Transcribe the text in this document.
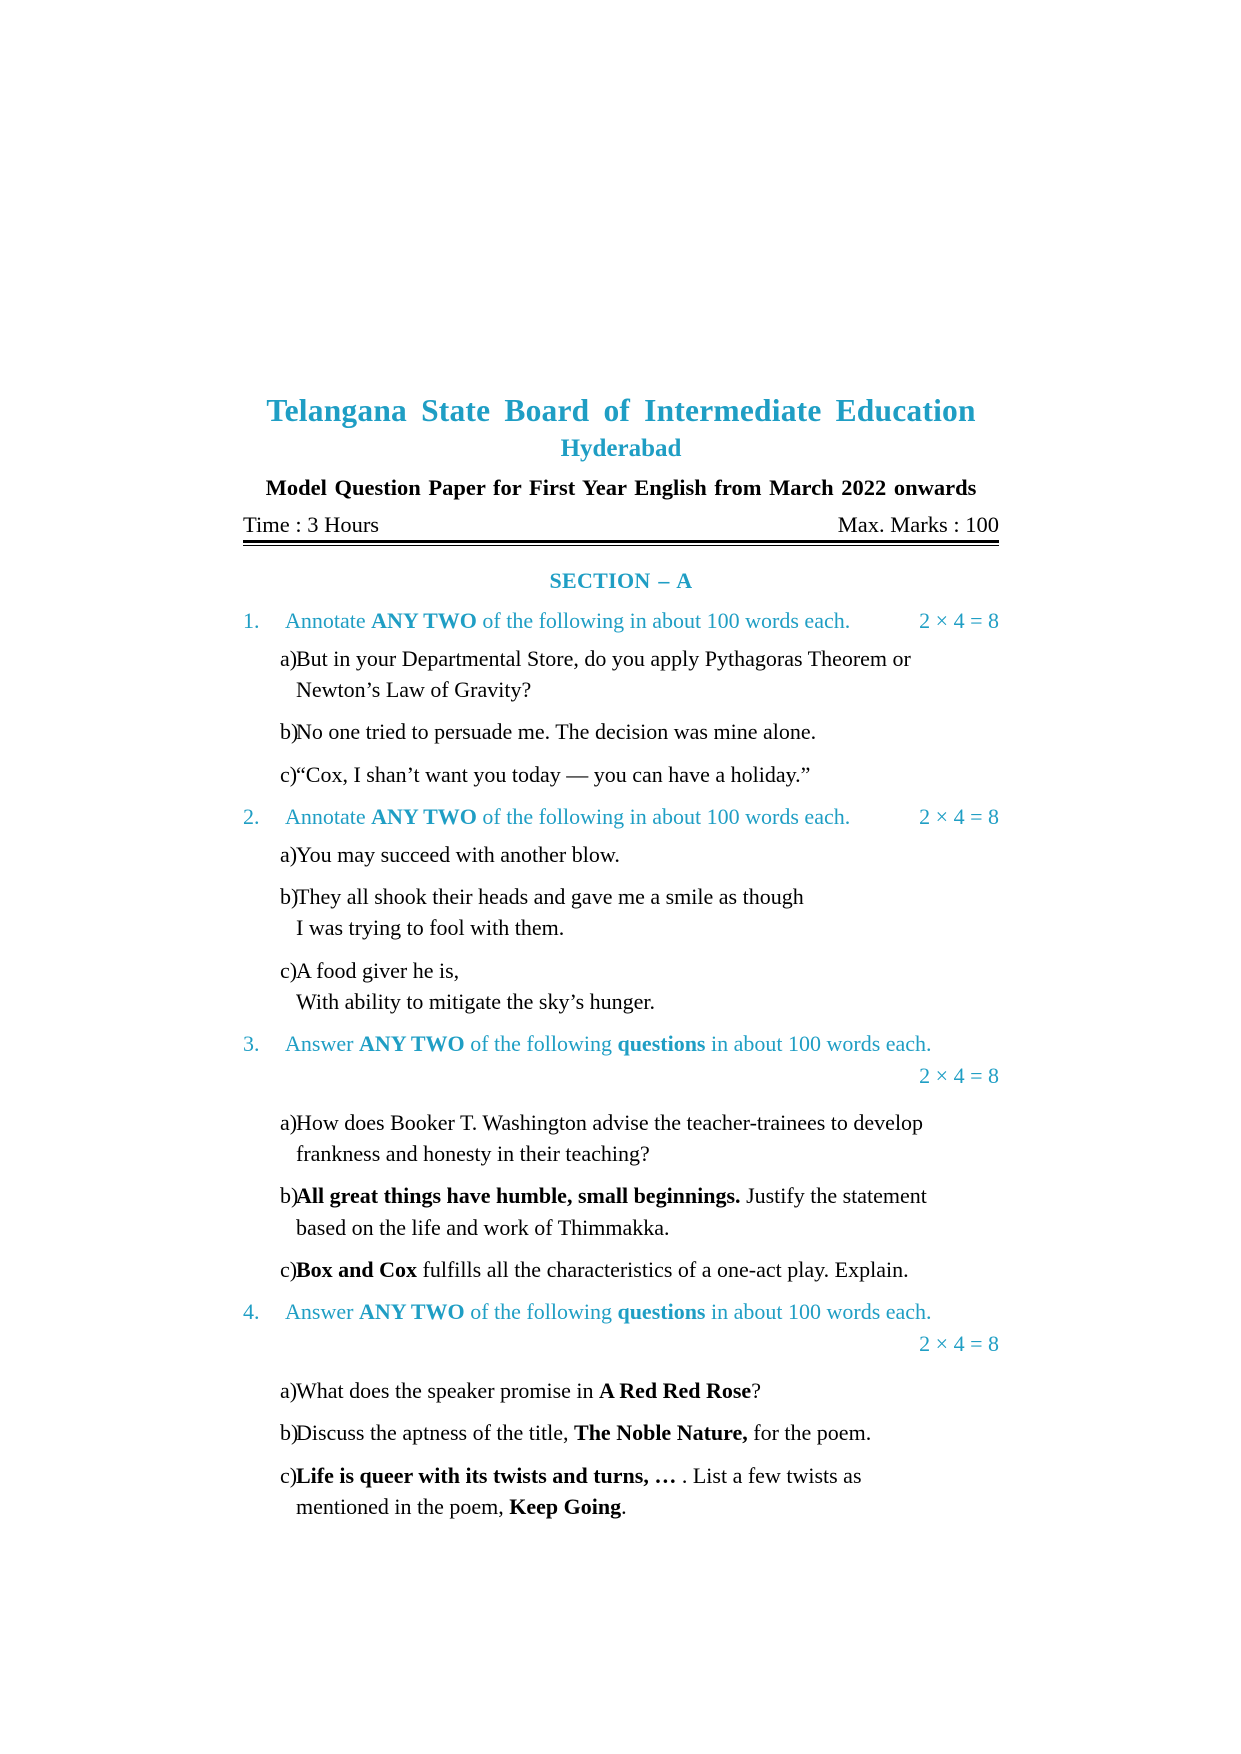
Telangana State Board of Intermediate Education
Hyderabad
Model Question Paper for First Year English from March 2022 onwards
Time : 3 Hours	Max. Marks : 100
SECTION – A
1.	Annotate ANY TWO of the following in about 100 words each.	2 × 4 = 8
a)
But in your Departmental Store, do you apply Pythagoras Theorem or
Newton’s Law of Gravity?
b)
No one tried to persuade me. The decision was mine alone.
c)
“Cox, I shan’t want you today — you can have a holiday.”
2.	Annotate ANY TWO of the following in about 100 words each.	2 × 4 = 8
a)
You may succeed with another blow.
b)
They all shook their heads and gave me a smile as though
I was trying to fool with them.
c)
A food giver he is,
With ability to mitigate the sky’s hunger.
3.	Answer ANY TWO of the following questions in about 100 words each.
2 × 4 = 8
a)
How does Booker T. Washington advise the teacher-trainees to develop
frankness and honesty in their teaching?
b)
All great things have humble, small beginnings. Justify the statement
based on the life and work of Thimmakka.
c)
Box and Cox fulfills all the characteristics of a one-act play. Explain.
4.	Answer ANY TWO of the following questions in about 100 words each.
2 × 4 = 8
a)
What does the speaker promise in A Red Red Rose?
b)
Discuss the aptness of the title, The Noble Nature, for the poem.
c)
Life is queer with its twists and turns, … . List a few twists as
mentioned in the poem, Keep Going.
